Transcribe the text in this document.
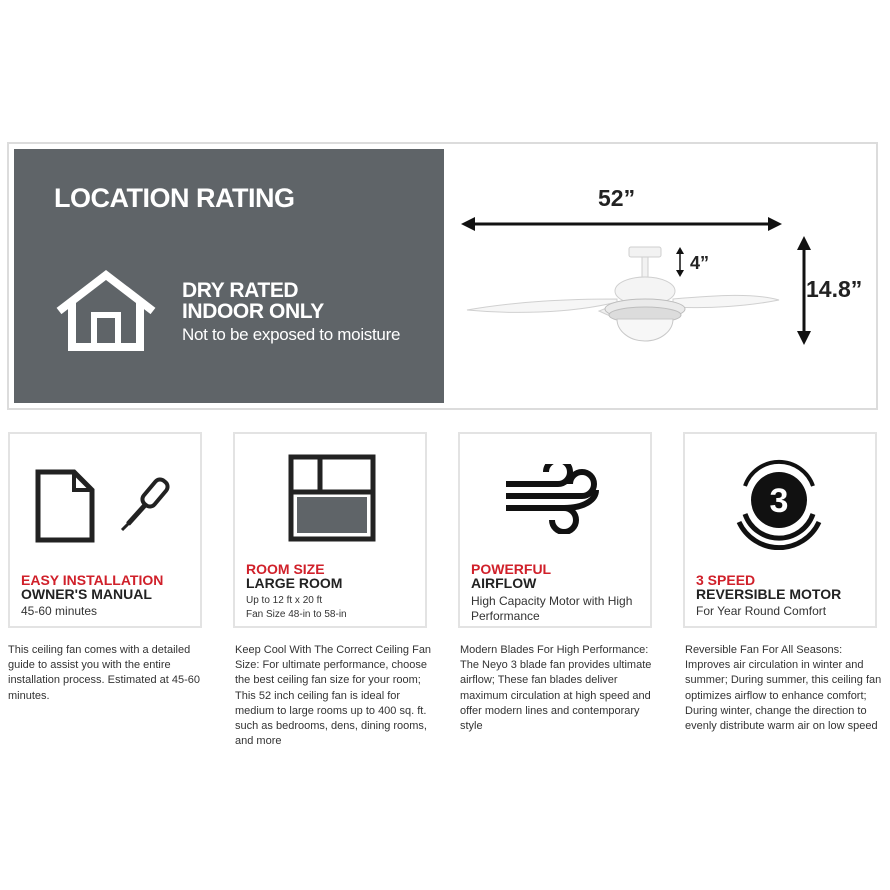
LOCATION RATING
DRY RATED
INDOOR ONLY
Not to be exposed to moisture
52”
4”
14.8”
EASY INSTALLATION
OWNER'S MANUAL
45-60 minutes
This ceiling fan comes with a detailed guide to assist you with the entire installation process. Estimated at 45-60 minutes.
ROOM SIZE
LARGE ROOM
Up to 12 ft x 20 ft
Fan Size 48-in to 58-in
Keep Cool With The Correct Ceiling Fan Size: For ultimate performance, choose the best ceiling fan size for your room; This 52 inch ceiling fan is ideal for medium to large rooms up to 400 sq. ft. such as bedrooms, dens, dining rooms, and more
POWERFUL
AIRFLOW
High Capacity Motor with High
Performance
Modern Blades For High Performance: The Neyo 3 blade fan provides ultimate airflow; These fan blades deliver maximum circulation at high speed and offer modern lines and contemporary style
3
3 SPEED
REVERSIBLE MOTOR
For Year Round Comfort
Reversible Fan For All Seasons: Improves air circulation in winter and summer; During summer, this ceiling fan optimizes airflow to enhance comfort; During winter, change the direction to evenly distribute warm air on low speed
